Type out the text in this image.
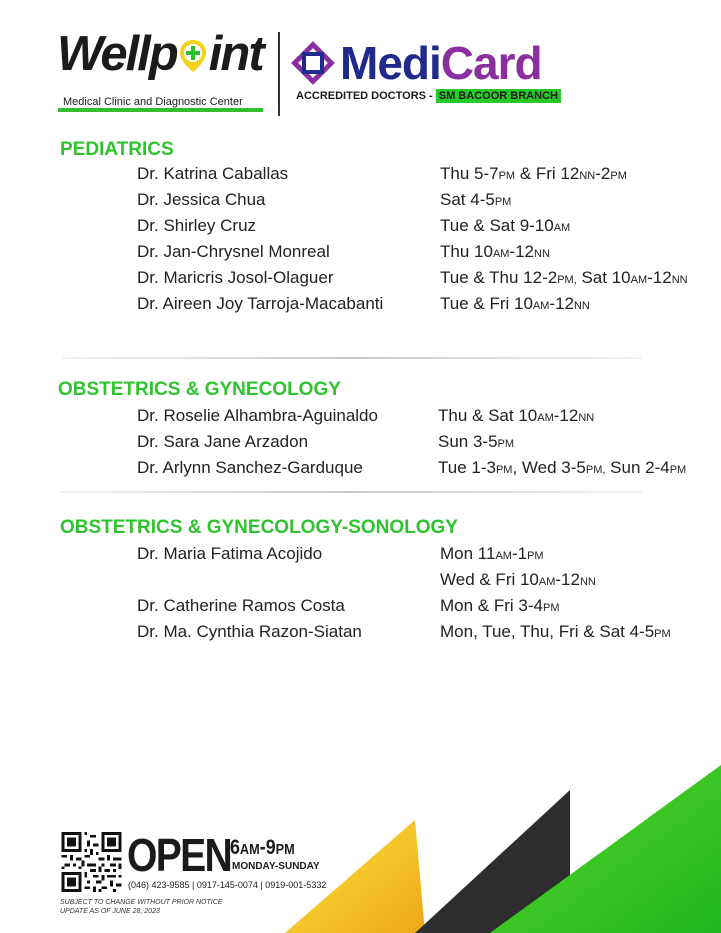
Wellp int
Medical Clinic and Diagnostic Center
MediCard
ACCREDITED DOCTORS - SM BACOOR BRANCH
PEDIATRICS
Dr. Katrina Caballas
Dr. Jessica Chua
Dr. Shirley Cruz
Dr. Jan-Chrysnel Monreal
Dr. Maricris Josol-Olaguer
Dr. Aireen Joy Tarroja-Macabanti
Thu 5-7PM & Fri 12NN-2PM
Sat 4-5PM
Tue & Sat 9-10AM
Thu 10AM-12NN
Tue & Thu 12-2PM, Sat 10AM-12NN
Tue & Fri 10AM-12NN
OBSTETRICS & GYNECOLOGY
Dr. Roselie Alhambra-Aguinaldo
Dr. Sara Jane Arzadon
Dr. Arlynn Sanchez-Garduque
Thu & Sat 10AM-12NN
Sun 3-5PM
Tue 1-3PM, Wed 3-5PM, Sun 2-4PM
OBSTETRICS & GYNECOLOGY-SONOLOGY
Dr. Maria Fatima Acojido
Dr. Catherine Ramos Costa
Dr. Ma. Cynthia Razon-Siatan
Mon 11AM-1PM
Wed & Fri 10AM-12NN
Mon & Fri 3-4PM
Mon, Tue, Thu, Fri & Sat 4-5PM
OPEN
6AM-9PM
MONDAY-SUNDAY
(046) 423-9585 | 0917-145-0074 | 0919-001-5332
SUBJECT TO CHANGE WITHOUT PRIOR NOTICE
UPDATE AS OF JUNE 28, 2023
